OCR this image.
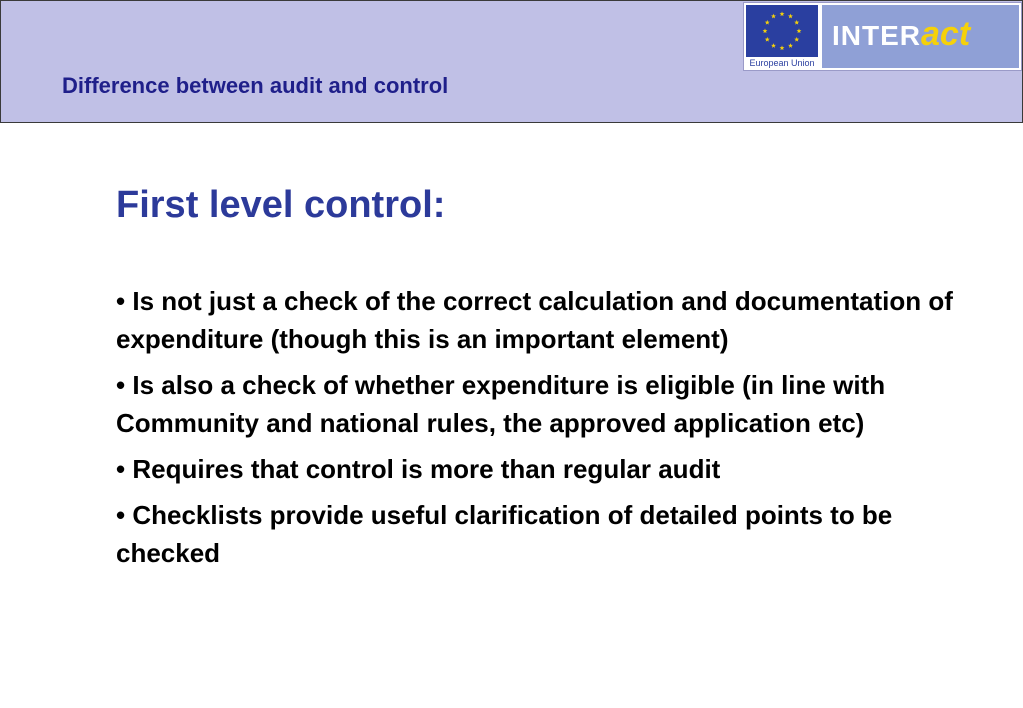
Difference between audit and control
European Union
INTERact
First level control:
• Is not just a check of the correct calculation and documentation of expenditure (though this is an important element)
• Is also a check of whether expenditure is eligible (in line with Community and national rules, the approved application etc)
• Requires that control is more than regular audit
• Checklists provide useful clarification of detailed points to be checked
